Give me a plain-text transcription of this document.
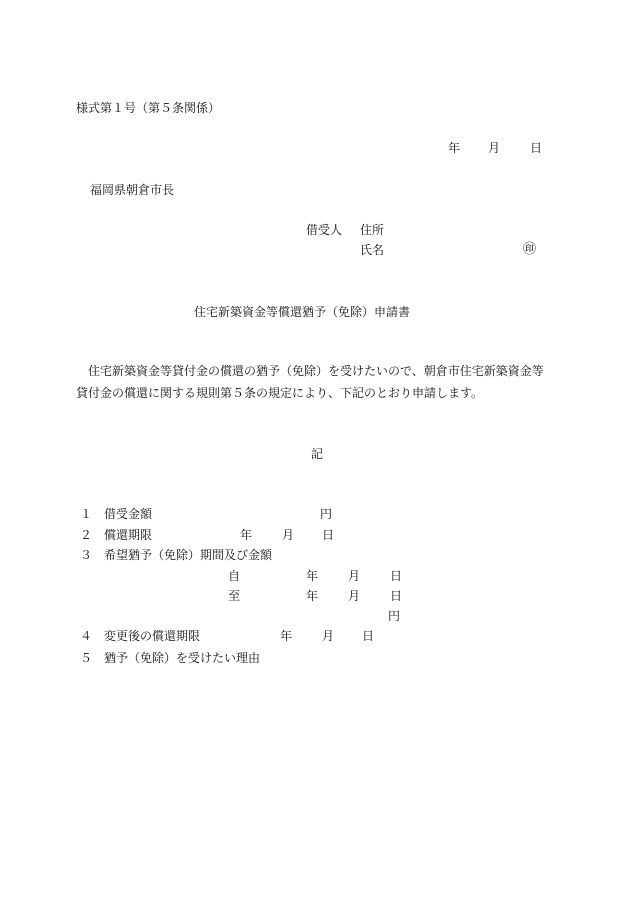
様式第１号（第５条関係）
年 月 日
福岡県朝倉市長
借受人 住所
氏名	㊞
住宅新築資金等償還猶予（免除）申請書
住宅新築資金等貸付金の償還の猶予（免除）を受けたいので、朝倉市住宅新築資金等貸付金の償還に関する規則第５条の規定により、下記のとおり申請します。
記
１ 借受金額	円
２ 償還期限	年 月 日
３ 希望猶予（免除）期間及び金額
自	年 月 日
至	年 月 日
円
４ 変更後の償還期限	年 月 日
５ 猶予（免除）を受けたい理由
